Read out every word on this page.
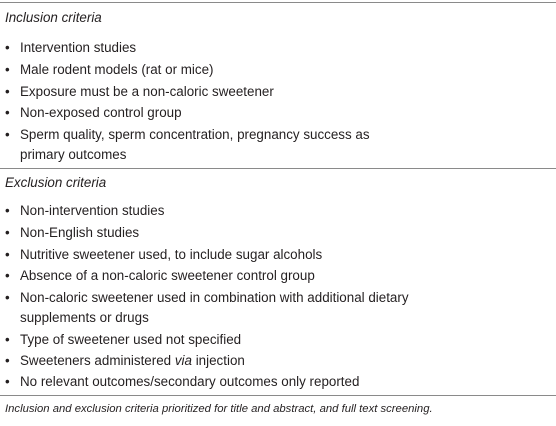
Inclusion criteria
• Intervention studies
• Male rodent models (rat or mice)
• Exposure must be a non-caloric sweetener
• Non-exposed control group
• Sperm quality, sperm concentration, pregnancy success as
primary outcomes
Exclusion criteria
• Non-intervention studies
• Non-English studies
• Nutritive sweetener used, to include sugar alcohols
• Absence of a non-caloric sweetener control group
• Non-caloric sweetener used in combination with additional dietary
supplements or drugs
• Type of sweetener used not specified
• Sweeteners administered via injection
• No relevant outcomes/secondary outcomes only reported
Inclusion and exclusion criteria prioritized for title and abstract, and full text screening.
